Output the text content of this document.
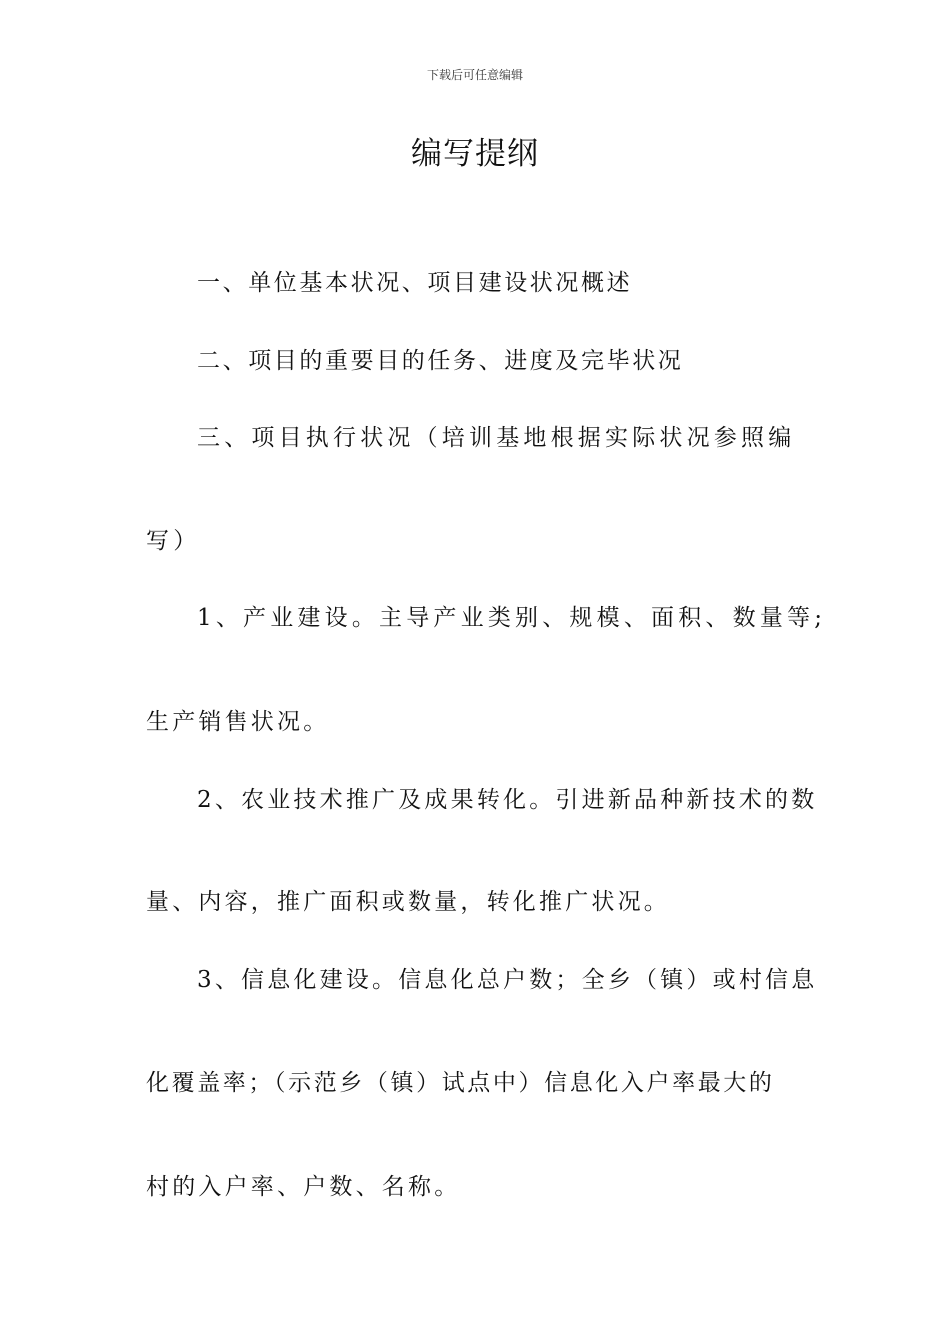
下载后可任意编辑
编写提纲
一、单位基本状况、项目建设状况概述
二、项目的重要目的任务、进度及完毕状况
三、项目执行状况（培训基地根据实际状况参照编
写）
1、产业建设。主导产业类别、规模、面积、数量等;
生产销售状况。
2、农业技术推广及成果转化。引进新品种新技术的数
量、内容，推广面积或数量，转化推广状况。
3、信息化建设。信息化总户数；全乡（镇）或村信息
化覆盖率；（示范乡（镇）试点中）信息化入户率最大的
村的入户率、户数、名称。
